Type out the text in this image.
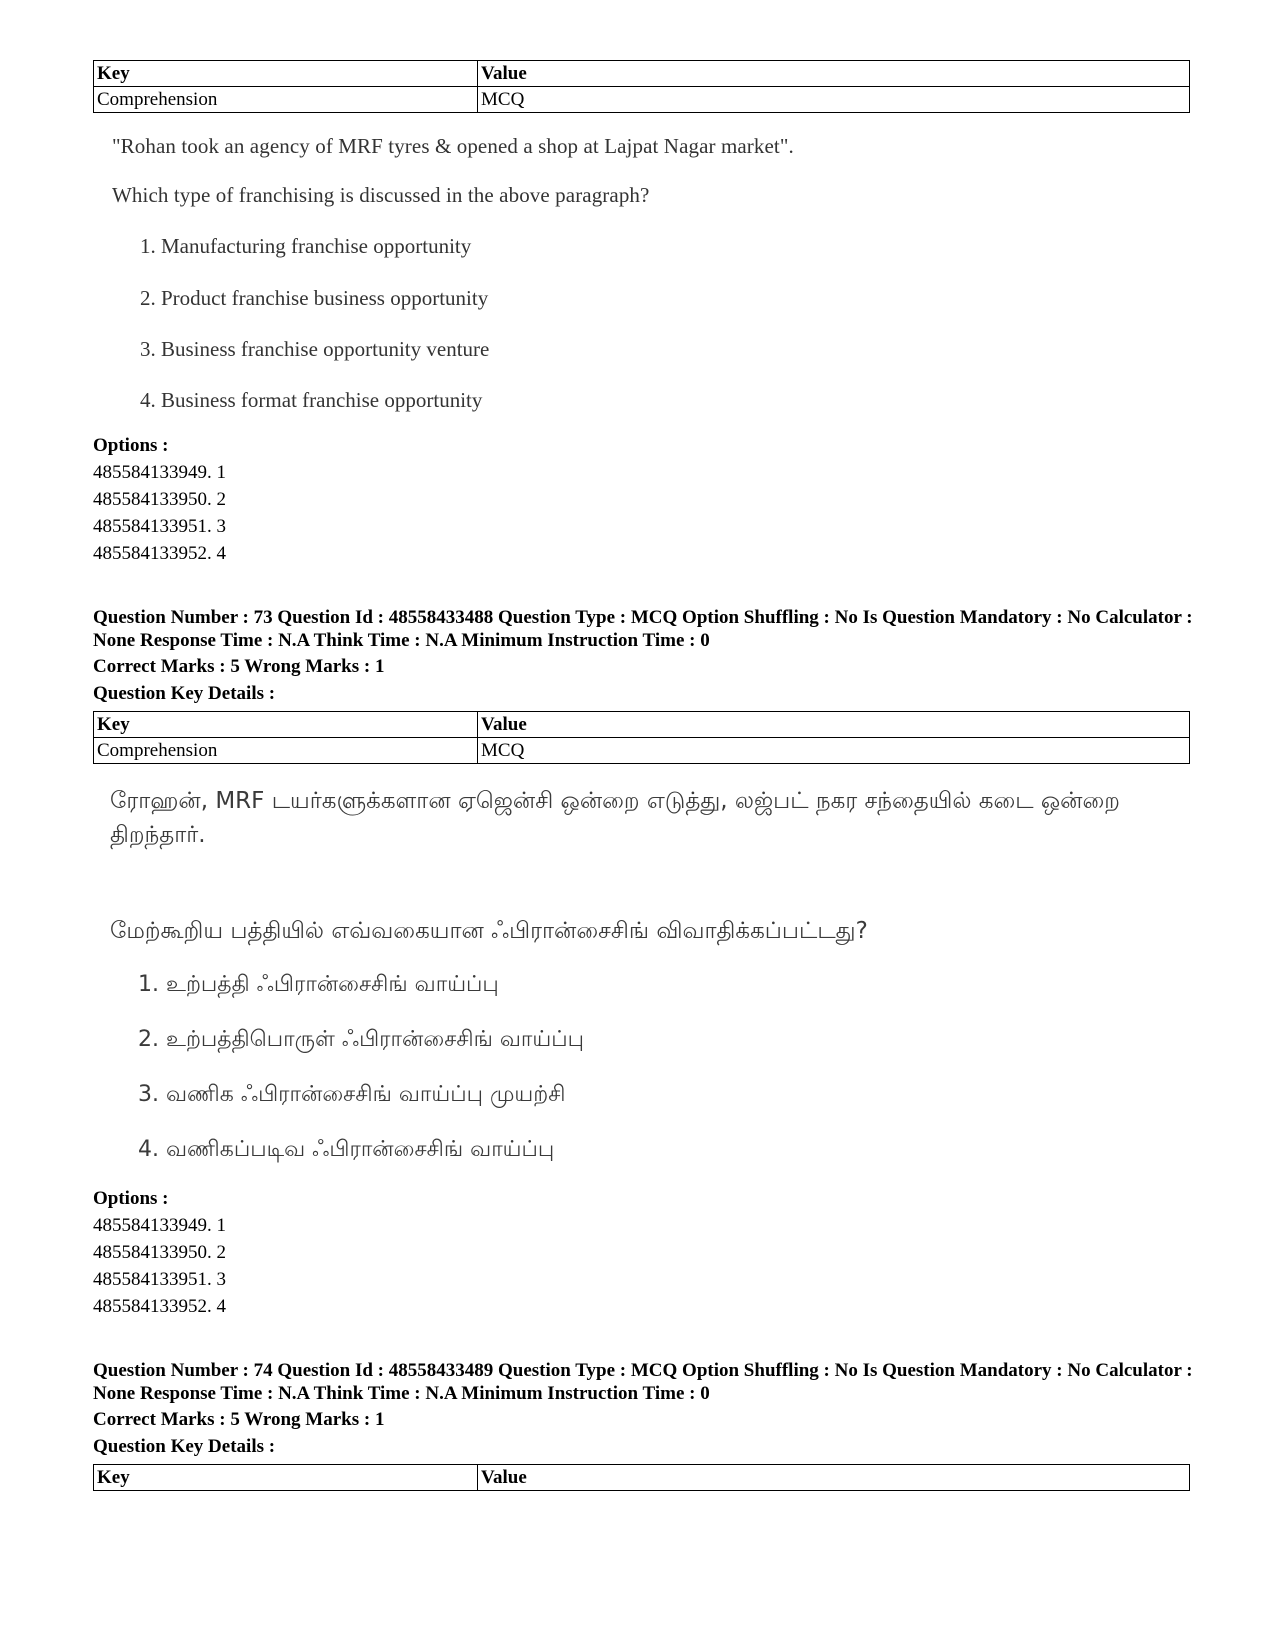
Key	Value
Comprehension	MCQ
"Rohan took an agency of MRF tyres & opened a shop at Lajpat Nagar market".
Which type of franchising is discussed in the above paragraph?
1. Manufacturing franchise opportunity
2. Product franchise business opportunity
3. Business franchise opportunity venture
4. Business format franchise opportunity
Options :
485584133949. 1
485584133950. 2
485584133951. 3
485584133952. 4
Question Number : 73 Question Id : 48558433488 Question Type : MCQ Option Shuffling : No Is Question Mandatory : No Calculator : None Response Time : N.A Think Time : N.A Minimum Instruction Time : 0
Correct Marks : 5 Wrong Marks : 1
Question Key Details :
Key	Value
Comprehension	MCQ
ரோஹன், MRF டயர்களுக்களான ஏஜென்சி ஒன்றை எடுத்து, லஜ்பட் நகர சந்தையில் கடை ஒன்றை திறந்தார்.
மேற்கூறிய பத்தியில் எவ்வகையான ஃபிரான்சைசிங் விவாதிக்கப்பட்டது?
1. உற்பத்தி ஃபிரான்சைசிங் வாய்ப்பு
2. உற்பத்திபொருள் ஃபிரான்சைசிங் வாய்ப்பு
3. வணிக ஃபிரான்சைசிங் வாய்ப்பு முயற்சி
4. வணிகப்படிவ ஃபிரான்சைசிங் வாய்ப்பு
Options :
485584133949. 1
485584133950. 2
485584133951. 3
485584133952. 4
Question Number : 74 Question Id : 48558433489 Question Type : MCQ Option Shuffling : No Is Question Mandatory : No Calculator : None Response Time : N.A Think Time : N.A Minimum Instruction Time : 0
Correct Marks : 5 Wrong Marks : 1
Question Key Details :
Key	Value
